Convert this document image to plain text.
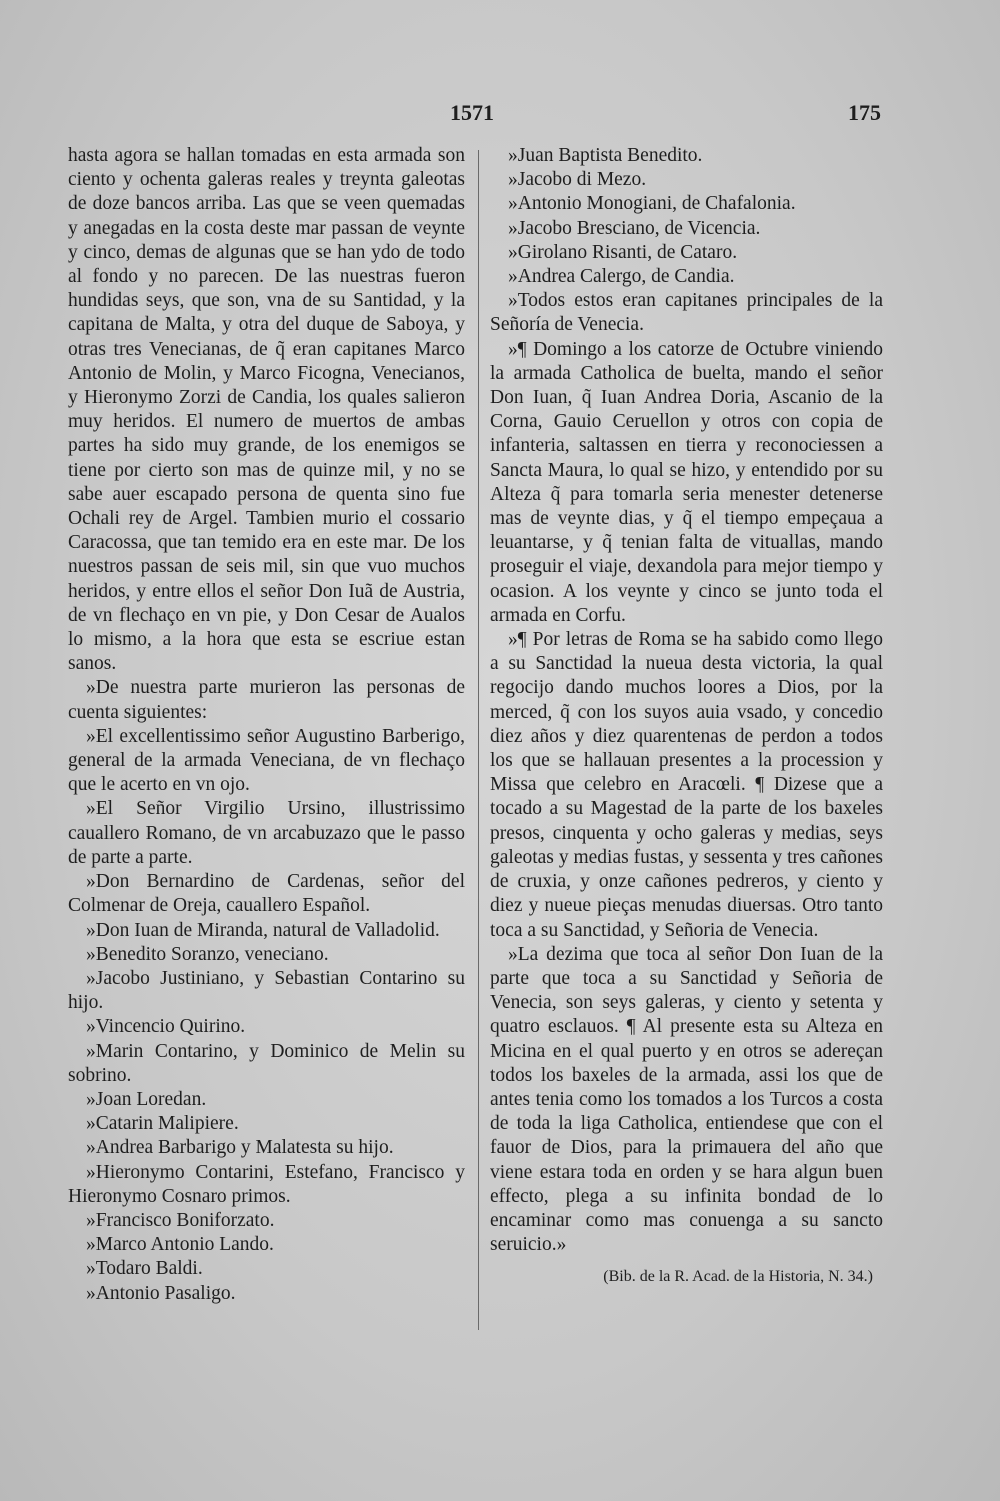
1571	175

hasta agora se hallan tomadas en esta armada son ciento y ochenta galeras reales y treynta galeotas de doze bancos arriba. Las que se veen quemadas y anegadas en la costa deste mar passan de veynte y cinco, demas de algunas que se han ydo de todo al fondo y no parecen. De las nuestras fueron hundidas seys, que son, vna de su Santidad, y la capitana de Malta, y otra del duque de Saboya, y otras tres Venecianas, de q̃ eran capitanes Marco Antonio de Molin, y Marco Ficogna, Venecianos, y Hieronymo Zorzi de Candia, los quales salieron muy heridos. El numero de muertos de ambas partes ha sido muy grande, de los enemigos se tiene por cierto son mas de quinze mil, y no se sabe auer escapado persona de quenta sino fue Ochali rey de Argel. Tambien murio el cossario Caracossa, que tan temido era en este mar. De los nuestros passan de seis mil, sin que vuo muchos heridos, y entre ellos el señor Don Iuã de Austria, de vn flechaço en vn pie, y Don Cesar de Aualos lo mismo, a la hora que esta se escriue estan sanos.

»De nuestra parte murieron las personas de cuenta siguientes:

»El excellentissimo señor Augustino Barberigo, general de la armada Veneciana, de vn flechaço que le acerto en vn ojo.

»El Señor Virgilio Ursino, illustrissimo cauallero Romano, de vn arcabuzazo que le passo de parte a parte.

»Don Bernardino de Cardenas, señor del Colmenar de Oreja, cauallero Español.

»Don Iuan de Miranda, natural de Valladolid.

»Benedito Soranzo, veneciano.

»Jacobo Justiniano, y Sebastian Contarino su hijo.

»Vincencio Quirino.

»Marin Contarino, y Dominico de Melin su sobrino.

»Joan Loredan.

»Catarin Malipiere.

»Andrea Barbarigo y Malatesta su hijo.

»Hieronymo Contarini, Estefano, Francisco y Hieronymo Cosnaro primos.

»Francisco Boniforzato.

»Marco Antonio Lando.

»Todaro Baldi.

»Antonio Pasaligo.

»Juan Baptista Benedito.

»Jacobo di Mezo.

»Antonio Monogiani, de Chafalonia.

»Jacobo Bresciano, de Vicencia.

»Girolano Risanti, de Cataro.

»Andrea Calergo, de Candia.

»Todos estos eran capitanes principales de la Señoría de Venecia.

»¶ Domingo a los catorze de Octubre viniendo la armada Catholica de buelta, mando el señor Don Iuan, q̃ Iuan Andrea Doria, Ascanio de la Corna, Gauio Ceruellon y otros con copia de infanteria, saltassen en tierra y reconociessen a Sancta Maura, lo qual se hizo, y entendido por su Alteza q̃ para tomarla seria menester detenerse mas de veynte dias, y q̃ el tiempo empeçaua a leuantarse, y q̃ tenian falta de vituallas, mando proseguir el viaje, dexandola para mejor tiempo y ocasion. A los veynte y cinco se junto toda el armada en Corfu.

»¶ Por letras de Roma se ha sabido como llego a su Sanctidad la nueua desta victoria, la qual regocijo dando muchos loores a Dios, por la merced, q̃ con los suyos auia vsado, y concedio diez años y diez quarentenas de perdon a todos los que se hallauan presentes a la procession y Missa que celebro en Aracœli. ¶ Dizese que a tocado a su Magestad de la parte de los baxeles presos, cinquenta y ocho galeras y medias, seys galeotas y medias fustas, y sessenta y tres cañones de cruxia, y onze cañones pedreros, y ciento y diez y nueue pieças menudas diuersas. Otro tanto toca a su Sanctidad, y Señoria de Venecia.

»La dezima que toca al señor Don Iuan de la parte que toca a su Sanctidad y Señoria de Venecia, son seys galeras, y ciento y setenta y quatro esclauos. ¶ Al presente esta su Alteza en Micina en el qual puerto y en otros se adereçan todos los baxeles de la armada, assi los que de antes tenia como los tomados a los Turcos a costa de toda la liga Catholica, entiendese que con el fauor de Dios, para la primauera del año que viene estara toda en orden y se hara algun buen effecto, plega a su infinita bondad de lo encaminar como mas conuenga a su sancto seruicio.»

(Bib. de la R. Acad. de la Historia, N. 34.)
